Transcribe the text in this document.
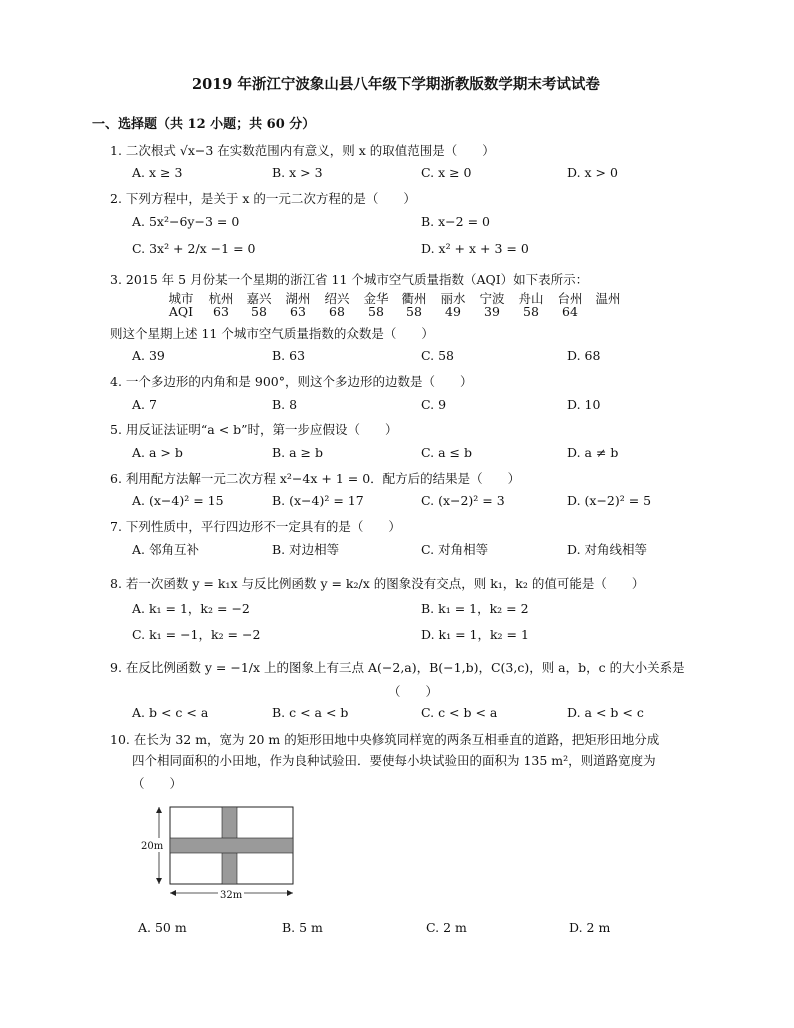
2019 年浙江宁波象山县八年级下学期浙教版数学期末考试试卷
一、选择题（共 12 小题；共 60 分）
1. 二次根式 √x−3 在实数范围内有意义，则 x 的取值范围是（　　）
A. x ≥ 3	B. x > 3	C. x ≥ 0	D. x > 0
2. 下列方程中，是关于 x 的一元二次方程的是（　　）
A. 5x²−6y−3 = 0	B. x−2 = 0
C. 3x² + 2/x −1 = 0	D. x² + x + 3 = 0
3. 2015 年 5 月份某一个星期的浙江省 11 个城市空气质量指数（AQI）如下表所示：
城市 杭州 嘉兴 湖州 绍兴 金华 衢州 丽水 宁波 舟山 台州 温州
AQI	63	58	63	68	58	58	49	39	58	64
则这个星期上述 11 个城市空气质量指数的众数是（　　）
A. 39	B. 63	C. 58	D. 68
4. 一个多边形的内角和是 900°，则这个多边形的边数是（　　）
A. 7	B. 8	C. 9	D. 10
5. 用反证法证明“a < b”时，第一步应假设（　　）
A. a > b	B. a ≥ b	C. a ≤ b	D. a ≠ b
6. 利用配方法解一元二次方程 x²−4x + 1 = 0．配方后的结果是（　　）
A. (x−4)² = 15	B. (x−4)² = 17	C. (x−2)² = 3	D. (x−2)² = 5
7. 下列性质中，平行四边形不一定具有的是（　　）
A. 邻角互补	B. 对边相等	C. 对角相等	D. 对角线相等
8. 若一次函数 y = k₁x 与反比例函数 y = k₂/x 的图象没有交点，则 k₁，k₂ 的值可能是（　　）
A. k₁ = 1，k₂ = −2	B. k₁ = 1，k₂ = 2
C. k₁ = −1，k₂ = −2	D. k₁ = 1，k₂ = 1
9. 在反比例函数 y = −1/x 上的图象上有三点 A(−2,a)，B(−1,b)，C(3,c)，则 a，b，c 的大小关系是
（　　）
A. b < c < a	B. c < a < b	C. c < b < a	D. a < b < c
10. 在长为 32 m，宽为 20 m 的矩形田地中央修筑同样宽的两条互相垂直的道路，把矩形田地分成
四个相同面积的小田地，作为良种试验田．要使每小块试验田的面积为 135 m²，则道路宽度为
（　　）
20m
32m
A. 50 m	B. 5 m	C. 2 m	D. 2 m
